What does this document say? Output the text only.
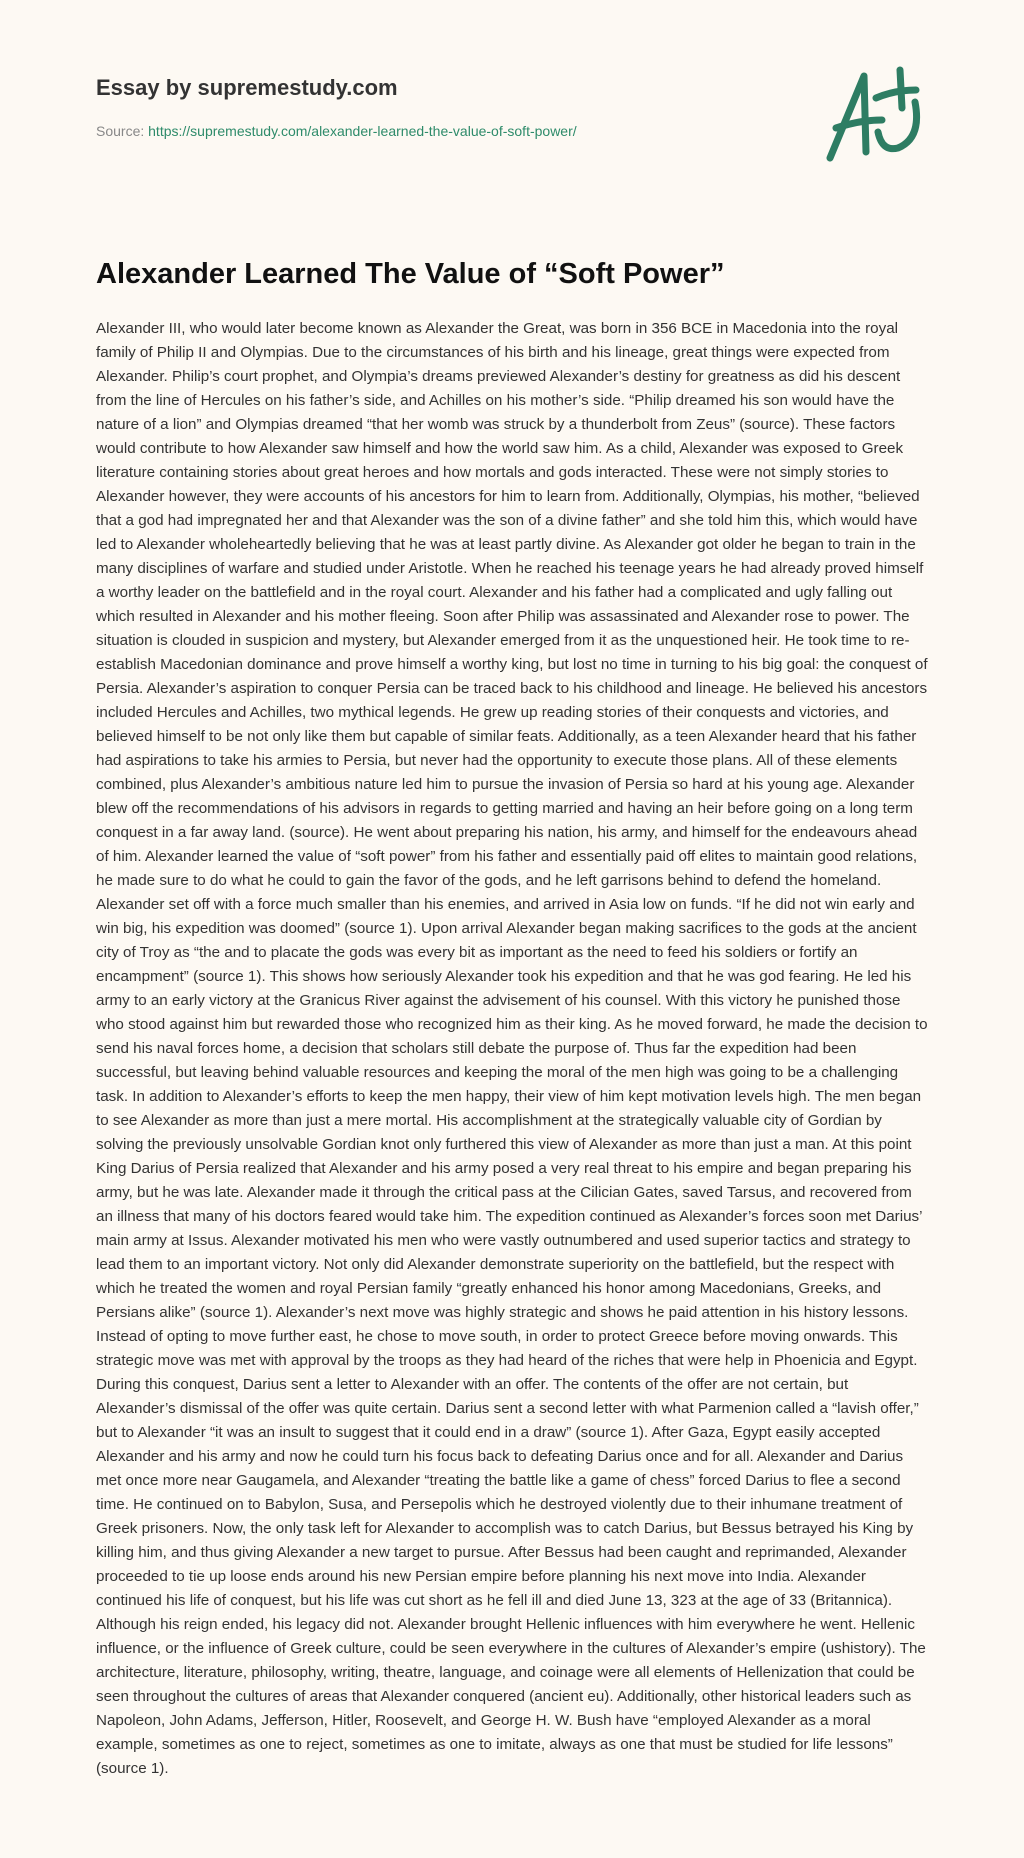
Essay by supremestudy.com
Source: https://supremestudy.com/alexander-learned-the-value-of-soft-power/
Alexander Learned The Value of “Soft Power”

Alexander III, who would later become known as Alexander the Great, was born in 356 BCE in Macedonia into the royal family of Philip II and Olympias. Due to the circumstances of his birth and his lineage, great things were expected from Alexander. Philip’s court prophet, and Olympia’s dreams previewed Alexander’s destiny for greatness as did his descent from the line of Hercules on his father’s side, and Achilles on his mother’s side. “Philip dreamed his son would have the nature of a lion” and Olympias dreamed “that her womb was struck by a thunderbolt from Zeus” (source). These factors would contribute to how Alexander saw himself and how the world saw him. As a child, Alexander was exposed to Greek literature containing stories about great heroes and how mortals and gods interacted. These were not simply stories to Alexander however, they were accounts of his ancestors for him to learn from. Additionally, Olympias, his mother, “believed that a god had impregnated her and that Alexander was the son of a divine father” and she told him this, which would have led to Alexander wholeheartedly believing that he was at least partly divine. As Alexander got older he began to train in the many disciplines of warfare and studied under Aristotle. When he reached his teenage years he had already proved himself a worthy leader on the battlefield and in the royal court. Alexander and his father had a complicated and ugly falling out which resulted in Alexander and his mother fleeing. Soon after Philip was assassinated and Alexander rose to power. The situation is clouded in suspicion and mystery, but Alexander emerged from it as the unquestioned heir. He took time to re-establish Macedonian dominance and prove himself a worthy king, but lost no time in turning to his big goal: the conquest of Persia. Alexander’s aspiration to conquer Persia can be traced back to his childhood and lineage. He believed his ancestors included Hercules and Achilles, two mythical legends. He grew up reading stories of their conquests and victories, and believed himself to be not only like them but capable of similar feats. Additionally, as a teen Alexander heard that his father had aspirations to take his armies to Persia, but never had the opportunity to execute those plans. All of these elements combined, plus Alexander’s ambitious nature led him to pursue the invasion of Persia so hard at his young age. Alexander blew off the recommendations of his advisors in regards to getting married and having an heir before going on a long term conquest in a far away land. (source). He went about preparing his nation, his army, and himself for the endeavours ahead of him. Alexander learned the value of “soft power” from his father and essentially paid off elites to maintain good relations, he made sure to do what he could to gain the favor of the gods, and he left garrisons behind to defend the homeland. Alexander set off with a force much smaller than his enemies, and arrived in Asia low on funds. “If he did not win early and win big, his expedition was doomed” (source 1). Upon arrival Alexander began making sacrifices to the gods at the ancient city of Troy as “the and to placate the gods was every bit as important as the need to feed his soldiers or fortify an encampment” (source 1). This shows how seriously Alexander took his expedition and that he was god fearing. He led his army to an early victory at the Granicus River against the advisement of his counsel. With this victory he punished those who stood against him but rewarded those who recognized him as their king. As he moved forward, he made the decision to send his naval forces home, a decision that scholars still debate the purpose of. Thus far the expedition had been successful, but leaving behind valuable resources and keeping the moral of the men high was going to be a challenging task. In addition to Alexander’s efforts to keep the men happy, their view of him kept motivation levels high. The men began to see Alexander as more than just a mere mortal. His accomplishment at the strategically valuable city of Gordian by solving the previously unsolvable Gordian knot only furthered this view of Alexander as more than just a man. At this point King Darius of Persia realized that Alexander and his army posed a very real threat to his empire and began preparing his army, but he was late. Alexander made it through the critical pass at the Cilician Gates, saved Tarsus, and recovered from an illness that many of his doctors feared would take him. The expedition continued as Alexander’s forces soon met Darius’ main army at Issus. Alexander motivated his men who were vastly outnumbered and used superior tactics and strategy to lead them to an important victory. Not only did Alexander demonstrate superiority on the battlefield, but the respect with which he treated the women and royal Persian family “greatly enhanced his honor among Macedonians, Greeks, and Persians alike” (source 1). Alexander’s next move was highly strategic and shows he paid attention in his history lessons. Instead of opting to move further east, he chose to move south, in order to protect Greece before moving onwards. This strategic move was met with approval by the troops as they had heard of the riches that were help in Phoenicia and Egypt. During this conquest, Darius sent a letter to Alexander with an offer. The contents of the offer are not certain, but Alexander’s dismissal of the offer was quite certain. Darius sent a second letter with what Parmenion called a “lavish offer,” but to Alexander “it was an insult to suggest that it could end in a draw” (source 1). After Gaza, Egypt easily accepted Alexander and his army and now he could turn his focus back to defeating Darius once and for all. Alexander and Darius met once more near Gaugamela, and Alexander “treating the battle like a game of chess” forced Darius to flee a second time. He continued on to Babylon, Susa, and Persepolis which he destroyed violently due to their inhumane treatment of Greek prisoners. Now, the only task left for Alexander to accomplish was to catch Darius, but Bessus betrayed his King by killing him, and thus giving Alexander a new target to pursue. After Bessus had been caught and reprimanded, Alexander proceeded to tie up loose ends around his new Persian empire before planning his next move into India. Alexander continued his life of conquest, but his life was cut short as he fell ill and died June 13, 323 at the age of 33 (Britannica). Although his reign ended, his legacy did not. Alexander brought Hellenic influences with him everywhere he went. Hellenic influence, or the influence of Greek culture, could be seen everywhere in the cultures of Alexander’s empire (ushistory). The architecture, literature, philosophy, writing, theatre, language, and coinage were all elements of Hellenization that could be seen throughout the cultures of areas that Alexander conquered (ancient eu). Additionally, other historical leaders such as Napoleon, John Adams, Jefferson, Hitler, Roosevelt, and George H. W. Bush have “employed Alexander as a moral example, sometimes as one to reject, sometimes as one to imitate, always as one that must be studied for life lessons” (source 1).
